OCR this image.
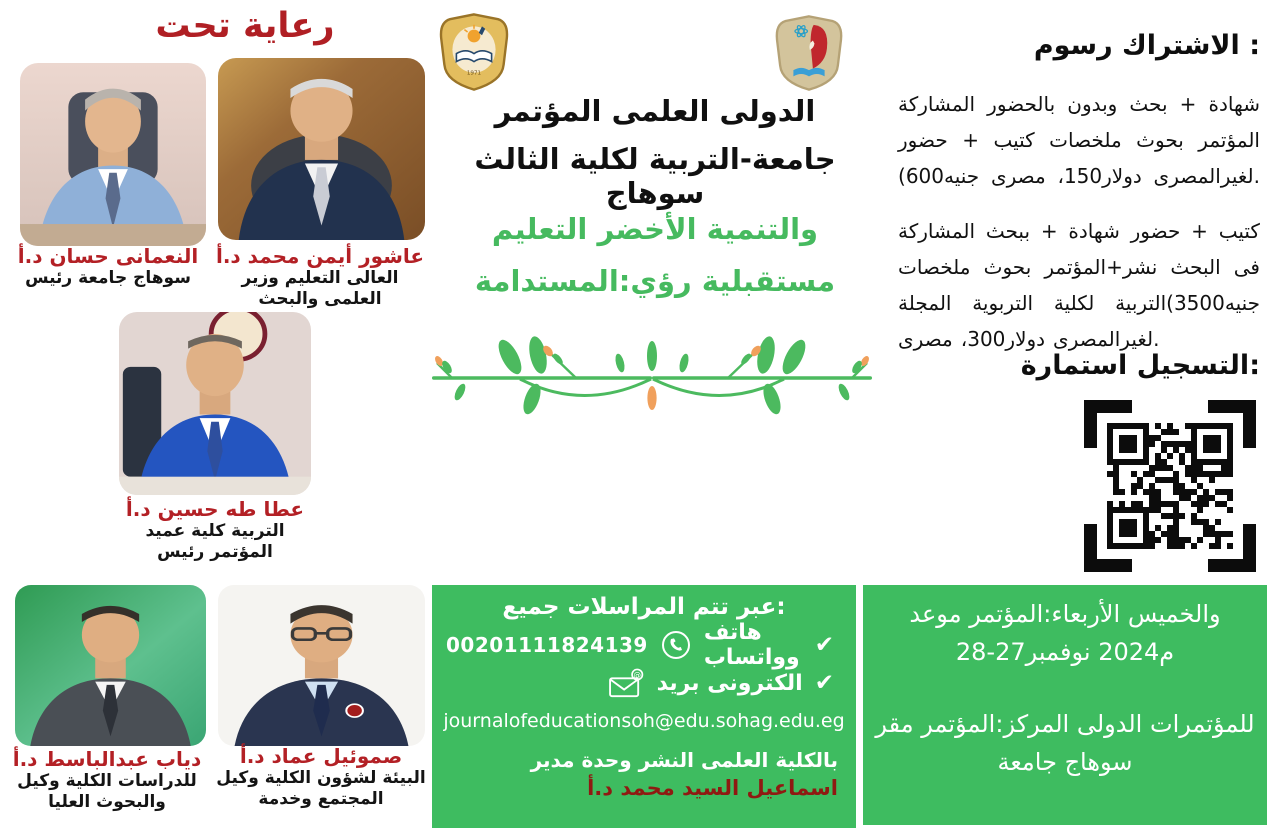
تحت رعاية
أ.د حسان النعمانى
رئيس جامعة سوهاج
أ.د محمد أيمن عاشور
وزير التعليم العالى
والبحث العلمى
أ.د حسين طه عطا
عميد كلية التربية
رئيس المؤتمر
أ.د عبدالباسط دياب
وكيل الكلية للدراسات
العليا والبحوث
أ.د عماد صموئيل
وكيل الكلية لشؤون البيئة
وخدمة المجتمع
1971
المؤتمر العلمى الدولى
الثالث لكلية التربية-جامعة سوهاج
التعليم الأخضر والتنمية
المستدامة:رؤي مستقبلية
رسوم الاشتراك :
المشاركة بالحضور وبدون بحث + شهادة
حضور + كتيب ملخصات بحوث المؤتمر
(600جنيه مصرى ،150دولار لغيرالمصرى.
المشاركة ببحث + شهادة حضور + كتيب
ملخصات بحوث المؤتمر+نشر البحث فى
المجلة التربوية لكلية التربية(3500جنيه
مصرى ،300دولار لغيرالمصرى.
استمارة التسجيل:
جميع المراسلات تتم عبر:
00201111824139	هاتف وواتساب ✔
@ بريد الكترونى ✔
journalofeducationsoh@edu.sohag.edu.eg
مدير وحدة النشر العلمى بالكلية
أ.د محمد السيد اسماعيل
موعد المؤتمر:الأربعاء والخميس
28-27نوفمبر 2024م
مقر المؤتمر:المركز الدولى للمؤتمرات
جامعة سوهاج
